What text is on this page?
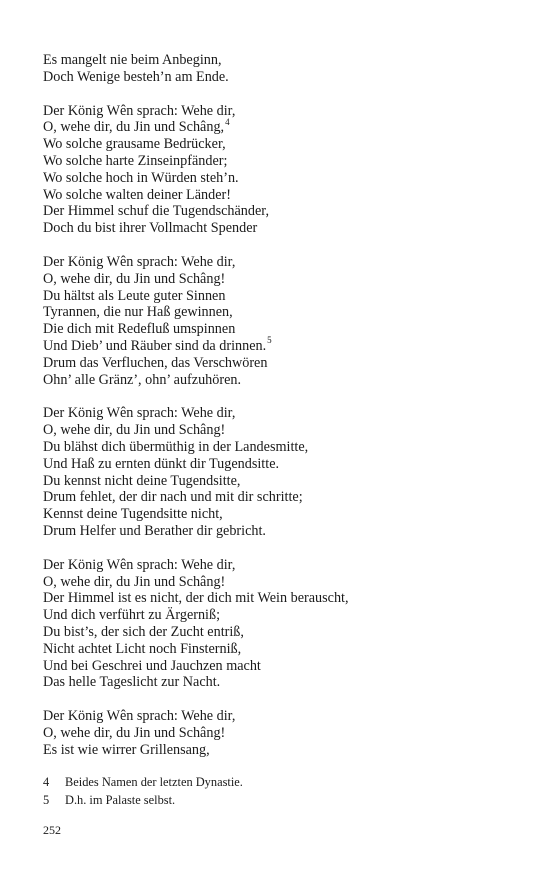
Es mangelt nie beim Anbeginn,
Doch Wenige besteh’n am Ende.
Der König Wên sprach: Wehe dir,
O, wehe dir, du Jin und Schâng,$^4$
Wo solche grausame Bedrücker,
Wo solche harte Zinseinpfänder;
Wo solche hoch in Würden steh’n.
Wo solche walten deiner Länder!
Der Himmel schuf die Tugendschänder,
Doch du bist ihrer Vollmacht Spender
Der König Wên sprach: Wehe dir,
O, wehe dir, du Jin und Schâng!
Du hältst als Leute guter Sinnen
Tyrannen, die nur Haß gewinnen,
Die dich mit Redefluß umspinnen
Und Dieb’ und Räuber sind da drinnen.$^5$
Drum das Verfluchen, das Verschwören
Ohn’ alle Gränz’, ohn’ aufzuhören.
Der König Wên sprach: Wehe dir,
O, wehe dir, du Jin und Schâng!
Du blähst dich übermüthig in der Landesmitte,
Und Haß zu ernten dünkt dir Tugendsitte.
Du kennst nicht deine Tugendsitte,
Drum fehlet, der dir nach und mit dir schritte;
Kennst deine Tugendsitte nicht,
Drum Helfer und Berather dir gebricht.
Der König Wên sprach: Wehe dir,
O, wehe dir, du Jin und Schâng!
Der Himmel ist es nicht, der dich mit Wein berauscht,
Und dich verführt zu Ärgerniß;
Du bist’s, der sich der Zucht entriß,
Nicht achtet Licht noch Finsterniß,
Und bei Geschrei und Jauchzen macht
Das helle Tageslicht zur Nacht.
Der König Wên sprach: Wehe dir,
O, wehe dir, du Jin und Schâng!
Es ist wie wirrer Grillensang,
4 Beides Namen der letzten Dynastie.
5 D.h. im Palaste selbst.
252
